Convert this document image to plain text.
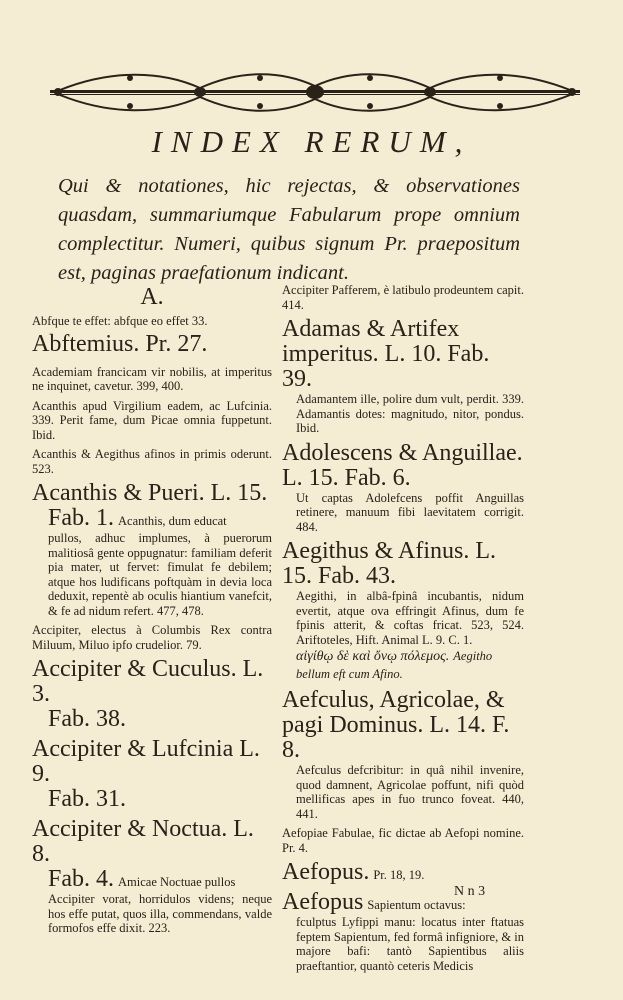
INDEX RERUM,
Qui & notationes, hic rejectas, & observationes quasdam, summariumque Fabularum prope omnium complectitur. Numeri, quibus signum Pr. praepositum est, paginas praefationum indicant.
A.
Abfque te effet: abfque eo effet 33.
Abftemius. Pr. 27.
Academiam francicam vir nobilis, at imperitus ne inquinet, cavetur. 399, 400.
Acanthis apud Virgilium eadem, ac Lufcinia. 339. Perit fame, dum Picae omnia fuppetunt. Ibid.
Acanthis & Aegithus afinos in primis oderunt. 523.
Acanthis & Pueri. L. 15.
Fab. 1. Acanthis, dum educat
pullos, adhuc implumes, à puerorum malitiosâ gente oppugnatur: familiam deferit pia mater, ut fervet: fimulat fe debilem; atque hos ludificans poftquàm in devia loca deduxit, repentè ab oculis hiantium vanefcit, & fe ad nidum refert. 477, 478.
Accipiter, electus à Columbis Rex contra Miluum, Miluo ipfo crudelior. 79.
Accipiter & Cuculus. L. 3.
Fab. 38.
Accipiter & Lufcinia L. 9.
Fab. 31.
Accipiter & Noctua. L. 8.
Fab. 4. Amicae Noctuae pullos
Accipiter vorat, horridulos videns; neque hos effe putat, quos illa, commendans, valde formofos effe dixit. 223.
Accipiter Pafferem, è latibulo prodeuntem capit. 414.
Adamas & Artifex imperitus. L. 10. Fab. 39.
Adamantem ille, polire dum vult, perdit. 339. Adamantis dotes: magnitudo, nitor, pondus. Ibid.
Adolescens & Anguillae. L. 15. Fab. 6.
Ut captas Adolefcens poffit Anguillas retinere, manuum fibi laevitatem corrigit. 484.
Aegithus & Afinus. L. 15. Fab. 43.
Aegithi, in albâ-fpinâ incubantis, nidum evertit, atque ova effringit Afinus, dum fe fpinis atterit, & coftas fricat. 523, 524. Ariftoteles, Hift. Animal L. 9. C. 1.
αἰγίθῳ δὲ καὶ ὄνῳ πόλεμος. Aegitho bellum eft cum Afino.
Aefculus, Agricolae, & pagi Dominus. L. 14. F. 8.
Aefculus defcribitur: in quâ nihil invenire, quod damnent, Agricolae poffunt, nifi quòd mellificas apes in fuo trunco foveat. 440, 441.
Aefopiae Fabulae, fic dictae ab Aefopi nomine. Pr. 4.
Aefopus. Pr. 18, 19.
Aefopus Sapientum octavus:
fculptus Lyfippi manu: locatus inter ftatuas feptem Sapientum, fed formâ infigniore, & in majore bafi: tantò Sapientibus aliis praeftantior, quantò ceteris Medicis
N n 3
